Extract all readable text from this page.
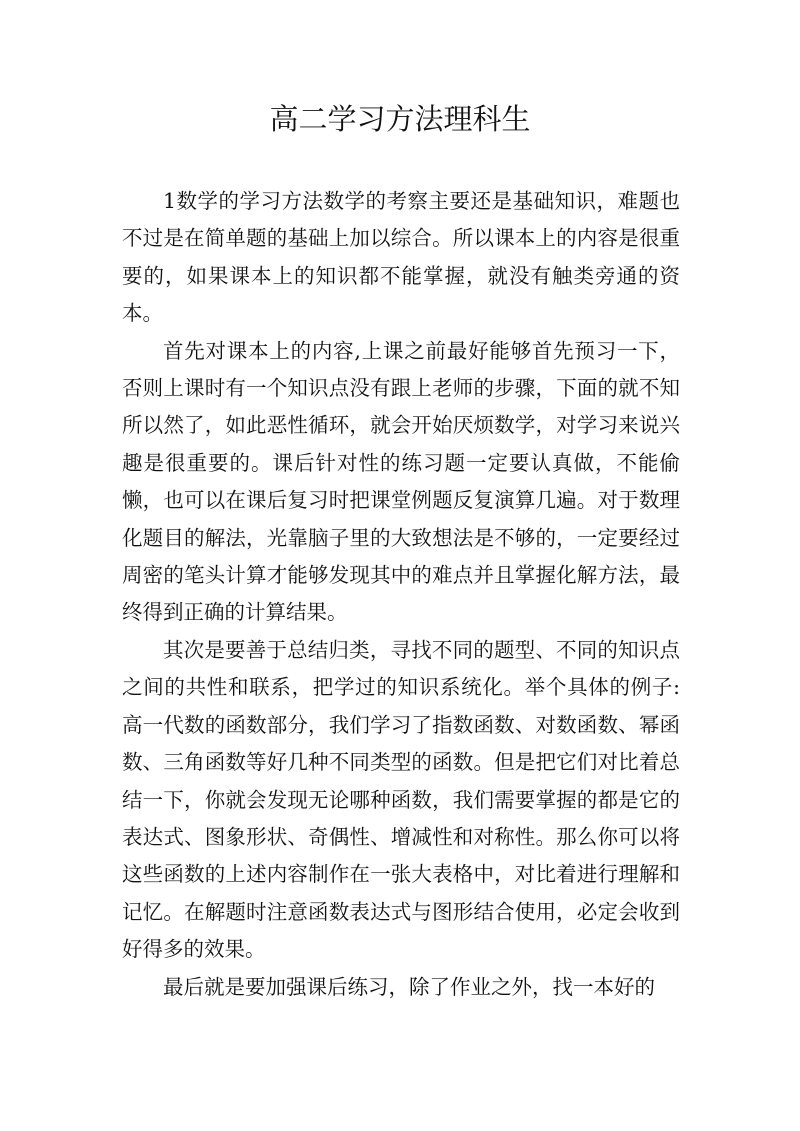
高二学习方法理科生

1数学的学习方法数学的考察主要还是基础知识，难题也不过是在简单题的基础上加以综合。所以课本上的内容是很重要的，如果课本上的知识都不能掌握，就没有触类旁通的资本。

首先对课本上的内容,上课之前最好能够首先预习一下，否则上课时有一个知识点没有跟上老师的步骤，下面的就不知所以然了，如此恶性循环，就会开始厌烦数学，对学习来说兴趣是很重要的。课后针对性的练习题一定要认真做，不能偷懒，也可以在课后复习时把课堂例题反复演算几遍。对于数理化题目的解法，光靠脑子里的大致想法是不够的，一定要经过周密的笔头计算才能够发现其中的难点并且掌握化解方法，最终得到正确的计算结果。

其次是要善于总结归类，寻找不同的题型、不同的知识点之间的共性和联系，把学过的知识系统化。举个具体的例子:高一代数的函数部分，我们学习了指数函数、对数函数、幂函数、三角函数等好几种不同类型的函数。但是把它们对比着总结一下，你就会发现无论哪种函数，我们需要掌握的都是它的表达式、图象形状、奇偶性、增减性和对称性。那么你可以将这些函数的上述内容制作在一张大表格中，对比着进行理解和记忆。在解题时注意函数表达式与图形结合使用，必定会收到好得多的效果。

最后就是要加强课后练习，除了作业之外，找一本好的
